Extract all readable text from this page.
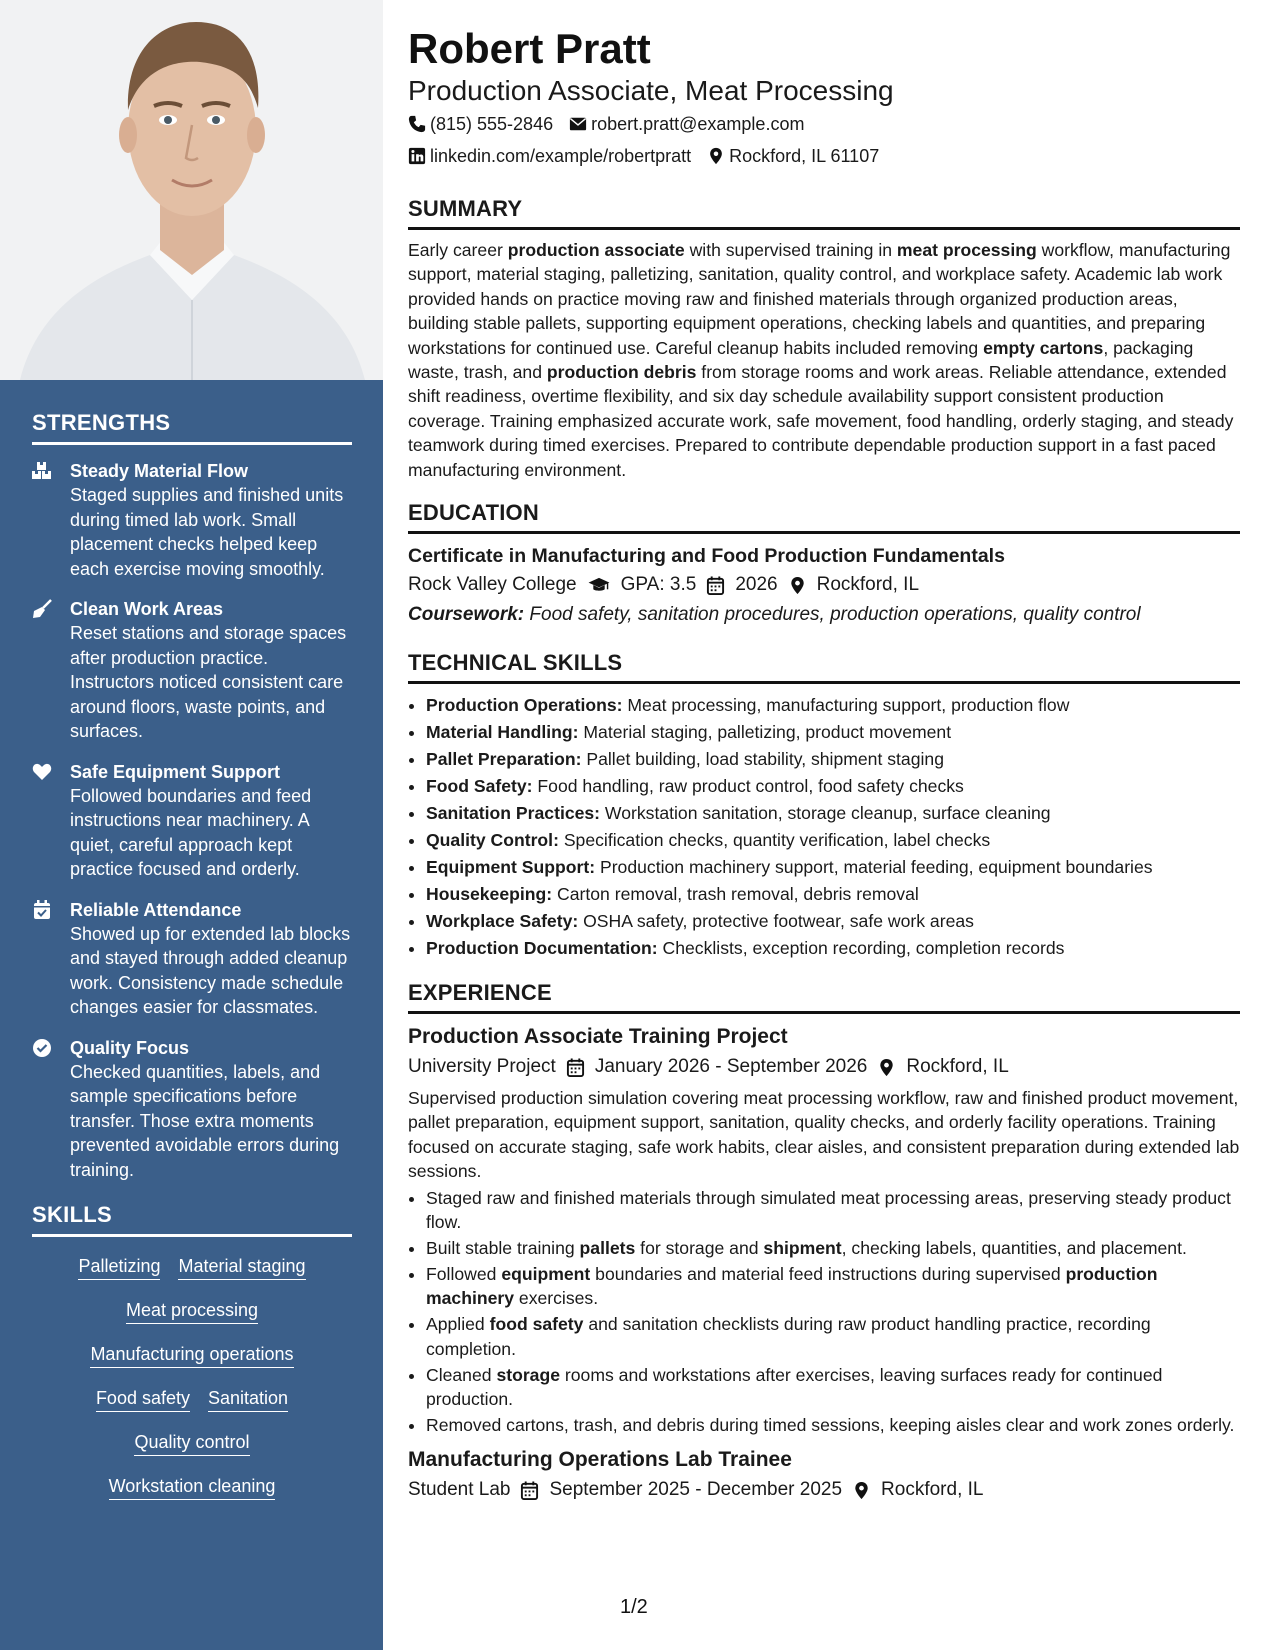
STRENGTHS
Steady Material Flow
Staged supplies and finished units during timed lab work. Small placement checks helped keep each exercise moving smoothly.
Clean Work Areas
Reset stations and storage spaces after production practice. Instructors noticed consistent care around floors, waste points, and surfaces.
Safe Equipment Support
Followed boundaries and feed instructions near machinery. A quiet, careful approach kept practice focused and orderly.
Reliable Attendance
Showed up for extended lab blocks and stayed through added cleanup work. Consistency made schedule changes easier for classmates.
Quality Focus
Checked quantities, labels, and sample specifications before transfer. Those extra moments prevented avoidable errors during training.
SKILLS
Palletizing Material staging
Meat processing
Manufacturing operations
Food safety Sanitation
Quality control
Workstation cleaning
Robert Pratt
Production Associate, Meat Processing
(815) 555-2846 robert.pratt@example.com
linkedin.com/example/robertpratt Rockford, IL 61107
SUMMARY

Early career production associate with supervised training in meat processing workflow, manufacturing support, material staging, palletizing, sanitation, quality control, and workplace safety. Academic lab work provided hands on practice moving raw and finished materials through organized production areas, building stable pallets, supporting equipment operations, checking labels and quantities, and preparing workstations for continued use. Careful cleanup habits included removing empty cartons, packaging waste, trash, and production debris from storage rooms and work areas. Reliable attendance, extended shift readiness, overtime flexibility, and six day schedule availability support consistent production coverage. Training emphasized accurate work, safe movement, food handling, orderly staging, and steady teamwork during timed exercises. Prepared to contribute dependable production support in a fast paced manufacturing environment.

EDUCATION
Certificate in Manufacturing and Food Production Fundamentals
Rock Valley College GPA: 3.5 2026 Rockford, IL
Coursework: Food safety, sanitation procedures, production operations, quality control
TECHNICAL SKILLS
• Production Operations: Meat processing, manufacturing support, production flow
• Material Handling: Material staging, palletizing, product movement
• Pallet Preparation: Pallet building, load stability, shipment staging
• Food Safety: Food handling, raw product control, food safety checks
• Sanitation Practices: Workstation sanitation, storage cleanup, surface cleaning
• Quality Control: Specification checks, quantity verification, label checks
• Equipment Support: Production machinery support, material feeding, equipment boundaries
• Housekeeping: Carton removal, trash removal, debris removal
• Workplace Safety: OSHA safety, protective footwear, safe work areas
• Production Documentation: Checklists, exception recording, completion records
EXPERIENCE
Production Associate Training Project
University Project January 2026 - September 2026 Rockford, IL

Supervised production simulation covering meat processing workflow, raw and finished product movement, pallet preparation, equipment support, sanitation, quality checks, and orderly facility operations. Training focused on accurate staging, safe work habits, clear aisles, and consistent preparation during extended lab sessions.

• Staged raw and finished materials through simulated meat processing areas, preserving steady product flow.
• Built stable training pallets for storage and shipment, checking labels, quantities, and placement.
• Followed equipment boundaries and material feed instructions during supervised production machinery exercises.
• Applied food safety and sanitation checklists during raw product handling practice, recording completion.
• Cleaned storage rooms and workstations after exercises, leaving surfaces ready for continued production.
• Removed cartons, trash, and debris during timed sessions, keeping aisles clear and work zones orderly.
Manufacturing Operations Lab Trainee
Student Lab September 2025 - December 2025 Rockford, IL
1/2
